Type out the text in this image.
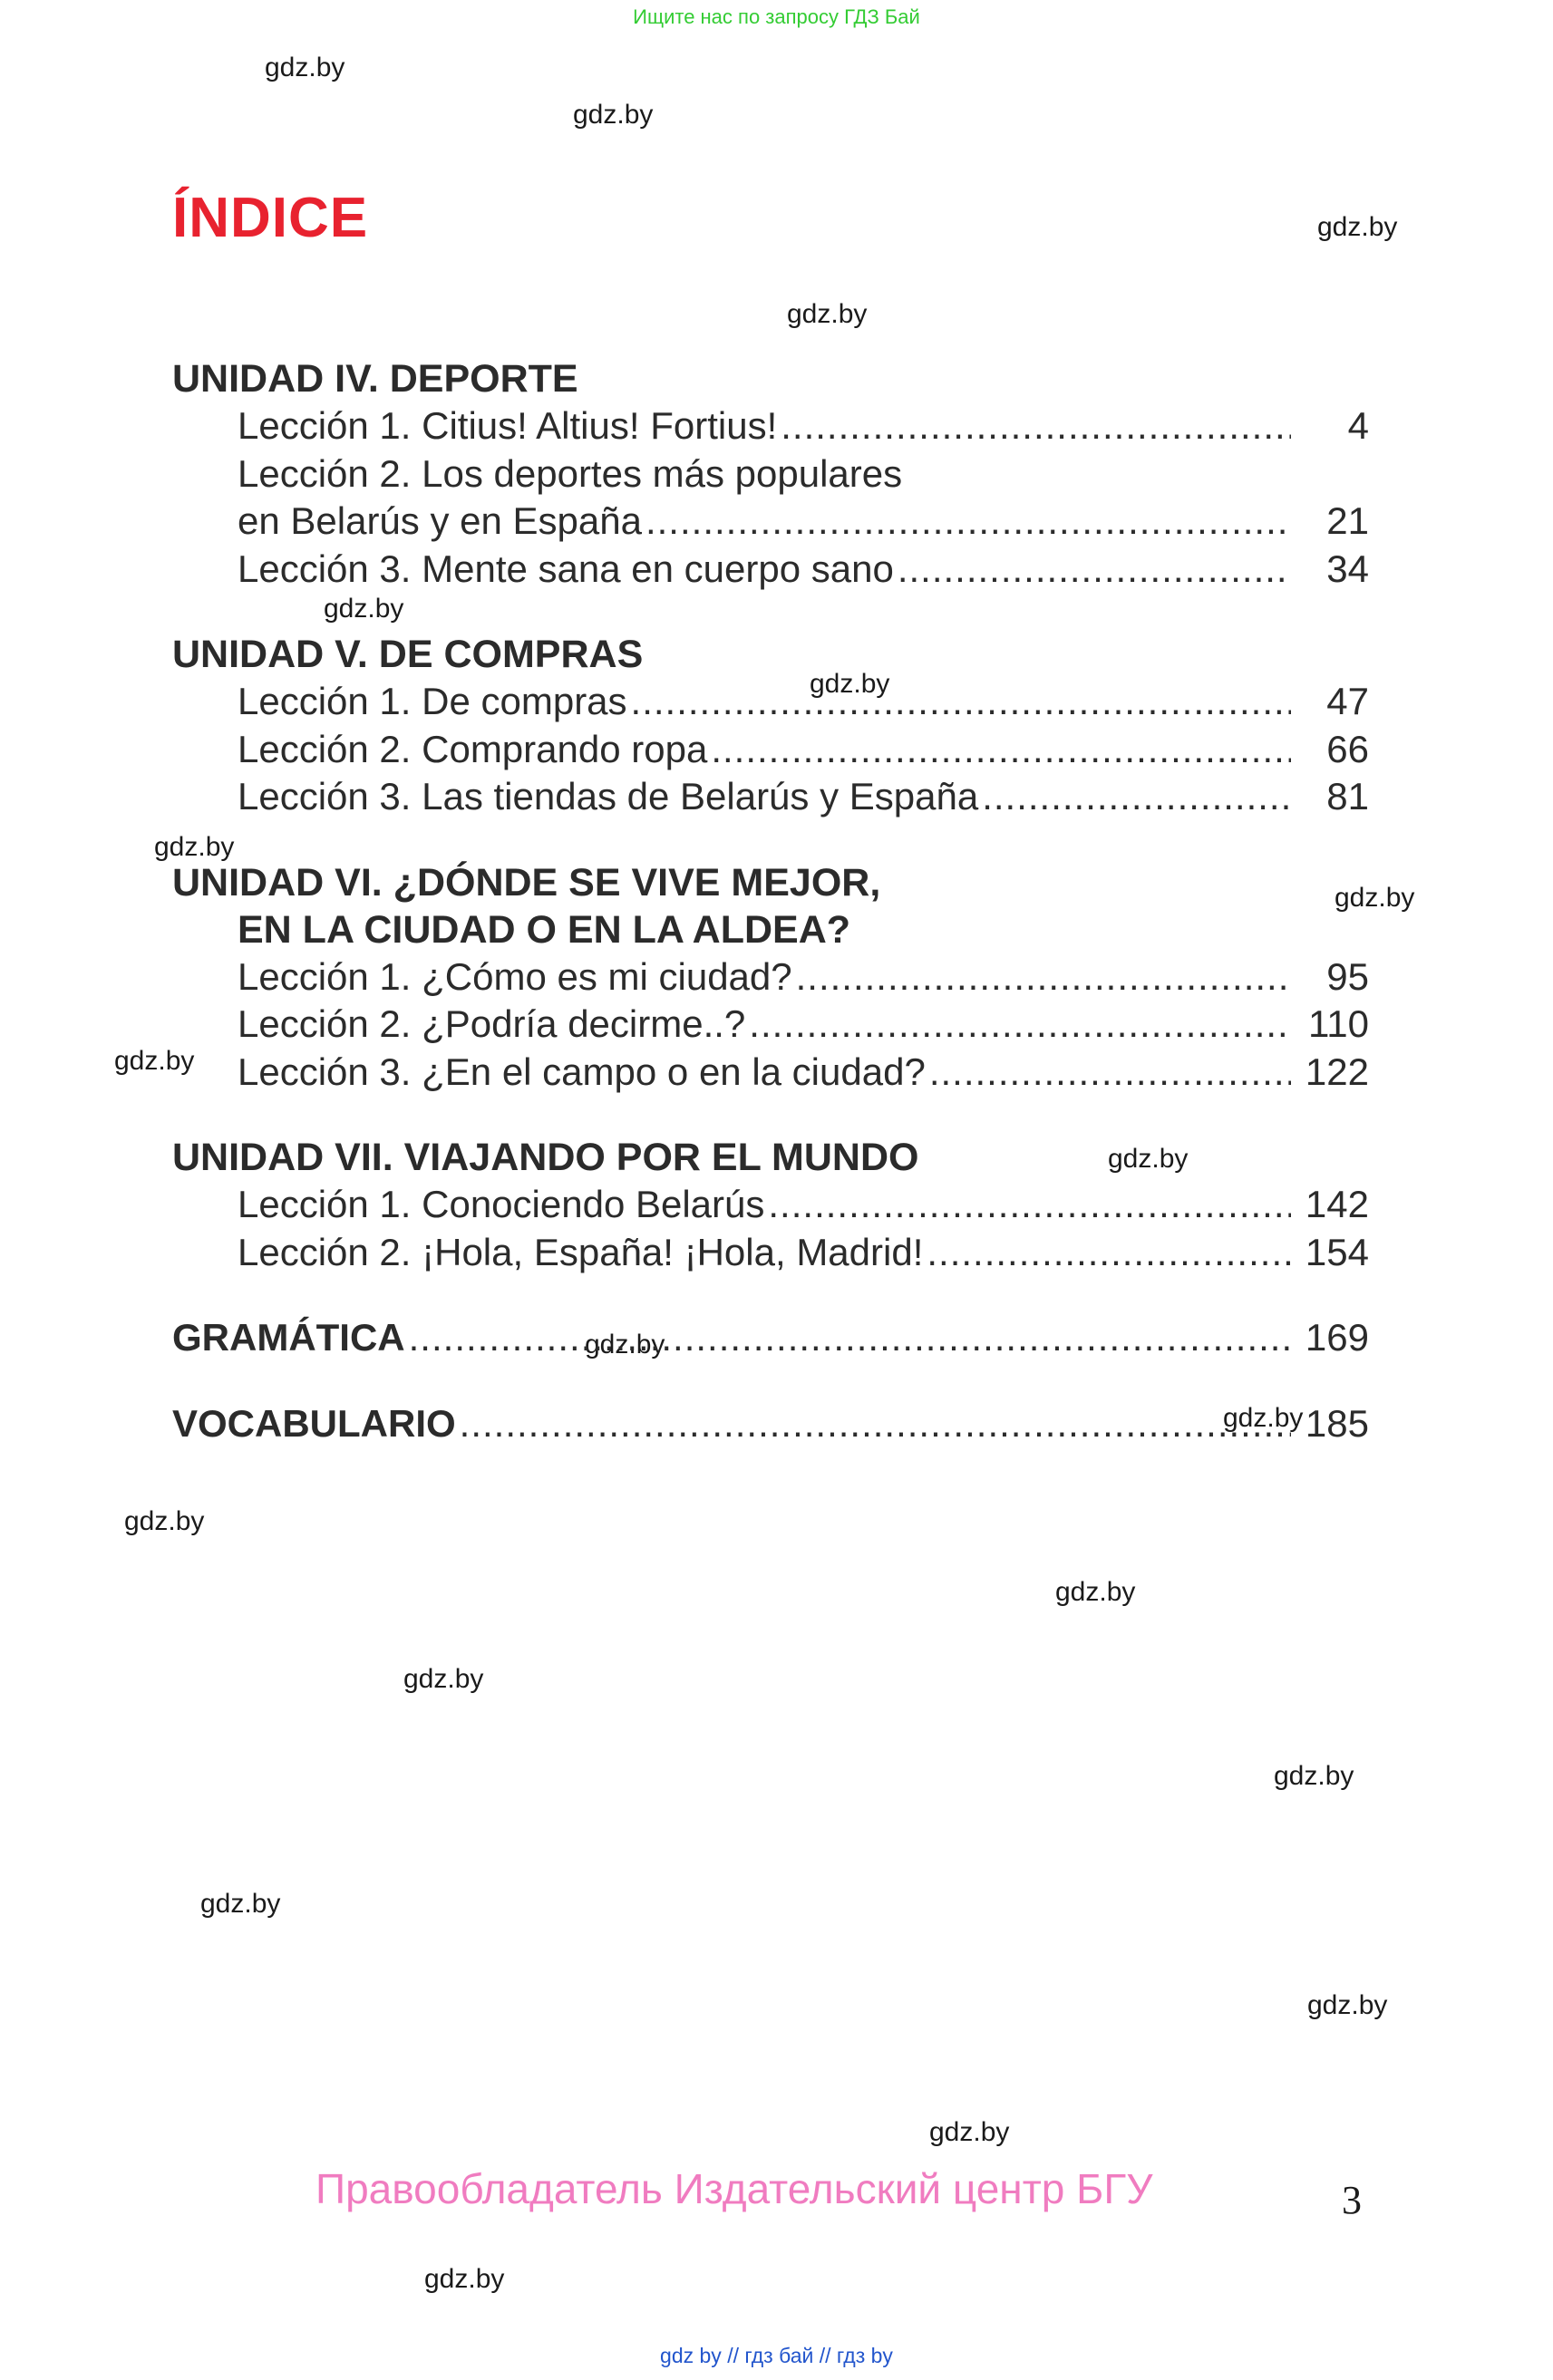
Ищите нас по запросу ГДЗ Бай
gdz.by
gdz.by
gdz.by
gdz.by
gdz.by
gdz.by
gdz.by
gdz.by
gdz.by
gdz.by
gdz.by
gdz.by
gdz.by
gdz.by
gdz.by
gdz.by
gdz.by
gdz.by
gdz.by
gdz.by
ÍNDICE
UNIDAD IV. DEPORTE
Lección 1. Citius! Altius! Fortius! .....	4
Lección 2. Los deportes más populares
en Belarús y en España .....	21
Lección 3. Mente sana en cuerpo sano .....	34
UNIDAD V. DE COMPRAS
Lección 1. De compras .....	47
Lección 2. Comprando ropa .....	66
Lección 3. Las tiendas de Belarús y España .....	81
UNIDAD VI. ¿DÓNDE SE VIVE MEJOR,
EN LA CIUDAD O EN LA ALDEA?
Lección 1. ¿Cómo es mi ciudad? .....	95
Lección 2. ¿Podría decirme..? .....	110
Lección 3. ¿En el campo o en la ciudad? .....	122
UNIDAD VII. VIAJANDO POR EL MUNDO
Lección 1. Conociendo Belarús .....	142
Lección 2. ¡Hola, España! ¡Hola, Madrid! .....	154
GRAMÁTICA .....	169
VOCABULARIO .....	185
Правообладатель Издательский центр БГУ	3
gdz by // гдз бай // гдз by
